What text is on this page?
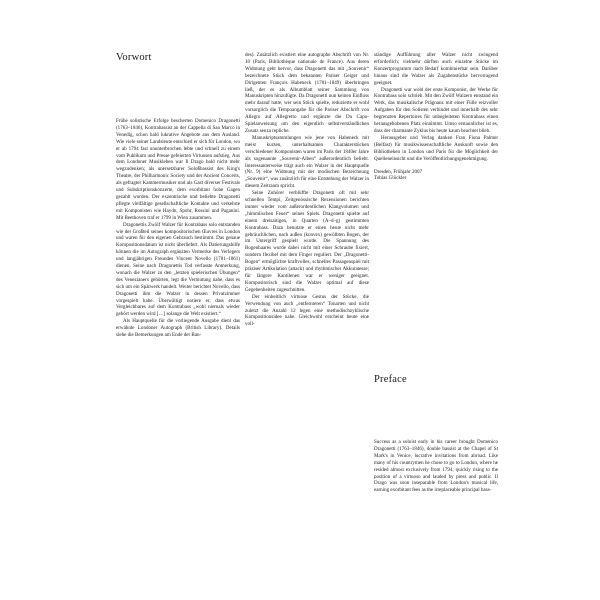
Vorwort

Frühe solistische Erfolge bescherten Domenico Dragonetti (1763–1846), Kontrabassist an der Cappella di San Marco in Venedig, schon bald lukrative Angebote aus dem Ausland. Wie viele seiner Landsleute entschied er sich für London, wo er ab 1794 fast ununterbrochen lebte und schnell zu einem vom Publikum und Presse gefeierten Virtuosen aufstieg. Aus dem Londoner Musikleben war Il Drago bald nicht mehr wegzudenken; als unersetzbarer Soloßbassist des King's Theatre, der Philharmonic Society und der Ancient Concerts, als gefragter Kammermusiker und als Gast diverser Festivals und Subskriptionskonzerte, dem exorbitant hohe Gagen gezahlt wurden. Der exzentrische und beliebte Dragonetti pflegte vielfältige gesellschaftliche Kontakte und verkehrte mit Komponisten wie Haydn, Spohr, Rossini und Paganini. Mit Beethoven traf er 1799 in Wien zusammen.

Dragonettis Zwölf Walzer für Kontrabass solo entstanden wie der Großteil seines kompositorischen Œuvres in London und waren für den eigenen Gebrauch bestimmt. Das genaue Kompositionsdatum ist nicht überliefert. Als Datierungshilfe können die im Autograph ergänzten Vermerke des Verlegers und langjährigen Freundes Vincent Novello (1781–1861) dienen. Seine nach Dragonettis Tod verfasste Anmerkung, wonach die Walzer zu den „letzten spielerischen Übungen“ des Venezianers gehörten, legt die Vermutung nahe, dass es sich um ein Spätwerk handelt. Weiter berichtet Novello, dass Dragonetti ihm die Walzer in dessen Privatzimmer vorgespielt habe. Überwältigt notiere er, dass etwas Vergleichbares auf dem Kontrabass „wohl niemals wieder gehört werden wird […] solange die Welt existiert.“

Als Hauptquelle für die vorliegende Ausgabe dient das erwähnte Londoner Autograph (British Library). Details siehe die Bemerkungen am Ende der Ban-

des). Zusätzlich existiert eine autographe Abschrift von Nr. 10 (Paris, Bibliothèque nationale de France). Aus deren Widmung geht hervor, dass Dragonetti das mit „Souvenir“ bezeichnete Stück dem bekannten Pariser Geiger und Dirigenten François Habeneck (1781–1849) überbringen ließ, der es als Albumblatt seiner Sammlung von Manuskripten hinzufügte. Da Dragonetti nun keinen Einfluss mehr darauf hatte, wer sein Stück spielte, reduzierte er wohl vorsorglich die Tempoangabe für die Pariser Abschrift von Allegro auf Allegretto und ergänzte die Da Capo-Spielanweisung um den eigentlich selbstverständlichen Zusatz senza repliche.

Manuskriptsammlungen wie jene von Habeneck mit meist kurzen, unterhaltsamen Charakterstücken verschiedener Komponisten waren im Paris der 1840er Jahre als sogenannte „Souvenir-Alben“ außerordentlich beliebt. Interessanterweise trägt auch ein Walzer in der Hauptquelle (Nr. 9) eine Widmung mit der modischen Bezeichnung „Souvenir“, was zusätzlich für eine Entstehung der Walzer in diesem Zeitraum spricht.

Seine Zuhörer verblüffte Dragonetti oft mit sehr schnellen Tempi, Zeitgenössische Rezensionen berichten immer wieder vom außerordentlichen Klangvolumen und „himmlischen Feuer“ seines Spiels. Dragonetti spielte auf einem dreisaitigen, in Quarten (A–d–g) gestimmten Kontrabass. Dazu benutzte er einen heute nicht mehr gebräuchlichen, nach außen (konvex) gewölbten Bogen, der im Untergriff gespielt wurde. Die Spannung des Bogenhaares wurde dabei nicht mit einer Schraube fixiert, sondern flexibel mit dem Finger reguliert. Der „Dragonetti-Bogen“ ermöglichte kraftvolles, schnelles Passagenspiel mit präziser Artikulation (attack) und rhythmischer Akkuratesse; für längere Kantilenen war er weniger geeignet. Kompositorisch sind die Walzer optimal auf diese Gegebenheiten zugeschnitten.

Der einheitlich virtuose Gestus der Stücke, die Verwendung von auch „entfernteren“ Tonarten und nicht zuletzt die Anzahl 12 legen eine methodischzyklische Kompositionsidee nahe. Gleichwohl erscheint heute eine voll-

ständige Aufführung aller Walzer nicht zwingend erforderlich; vielmehr dürften auch einzelne Stücke im Konzertprogramm nach Bedarf kombinierbar sein. Darüber hinaus sind die Walzer als Zugabenstücke hervorragend geeignet.

Dragonetti war wohl der erste Komponist, der Werke für Kontrabass solo schrieb. Mit den Zwölf Walzern entstand ein Werk, das musikalische Prägnanz mit einer Fülle reizvoller Aufgaben für den Solisten verbindet und innerhalb des sehr begrenzten Repertoires für unbegleiteten Kontrabass einen herausgehobenen Platz einnimmt. Umso erstaunlicher ist es, dass der charmante Zyklus bis heute kaum beachtet blieb.

Herausgeber und Verlag danken Fran Fiona Palmer (Belfast) für musikwissenschaftliche Auskunft sowie den Bibliotheken in London und Paris für die Möglichkeit der Quelleneinsicht und die Veröffentlichungsgenehmigung.

Dresden, Frühjahr 2007
Tobias Glöckler

Preface

Success as a soloist early in his career brought Domenico Dragonetti (1763–1846), double bassist at the Chapel of St Mark's in Venice, lucrative invitations from abroad. Like many of his countrymen he chose to go to London, where he resided almost exclusively from 1794, quickly rising to the position of a virtuoso and lauded by press and public. Il Drago was soon inseparable from London's musical life, earning exorbitant fees as the irreplaceable principal bass-
